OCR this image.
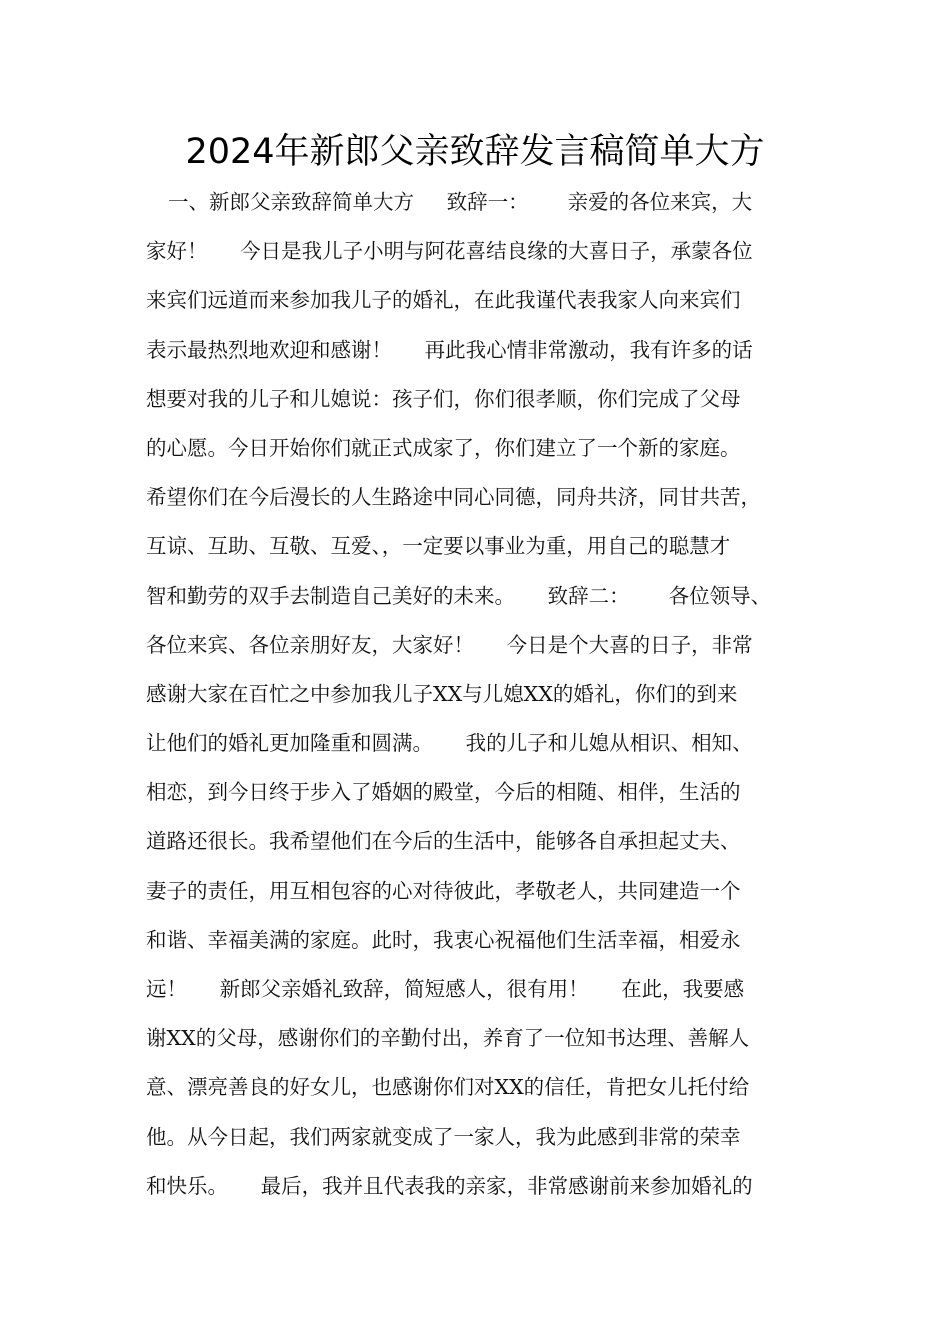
2024年新郎父亲致辞发言稿简单大方
一、新郎父亲致辞简单大方     致辞一：      亲爱的各位来宾，大
家好！     今日是我儿子小明与阿花喜结良缘的大喜日子，承蒙各位
来宾们远道而来参加我儿子的婚礼，在此我谨代表我家人向来宾们
表示最热烈地欢迎和感谢！     再此我心情非常激动，我有许多的话
想要对我的儿子和儿媳说：孩子们，你们很孝顺，你们完成了父母
的心愿。今日开始你们就正式成家了，你们建立了一个新的家庭。
希望你们在今后漫长的人生路途中同心同德，同舟共济，同甘共苦，
互谅、互助、互敬、互爱、，一定要以事业为重，用自己的聪慧才
智和勤劳的双手去制造自己美好的未来。     致辞二：      各位领导、
各位来宾、各位亲朋好友，大家好！     今日是个大喜的日子，非常
感谢大家在百忙之中参加我儿子XX与儿媳XX的婚礼，你们的到来
让他们的婚礼更加隆重和圆满。     我的儿子和儿媳从相识、相知、
相恋，到今日终于步入了婚姻的殿堂，今后的相随、相伴，生活的
道路还很长。我希望他们在今后的生活中，能够各自承担起丈夫、
妻子的责任，用互相包容的心对待彼此，孝敬老人，共同建造一个
和谐、幸福美满的家庭。此时，我衷心祝福他们生活幸福，相爱永
远！     新郎父亲婚礼致辞，简短感人，很有用！     在此，我要感
谢XX的父母，感谢你们的辛勤付出，养育了一位知书达理、善解人
意、漂亮善良的好女儿，也感谢你们对XX的信任，肯把女儿托付给
他。从今日起，我们两家就变成了一家人，我为此感到非常的荣幸
和快乐。     最后，我并且代表我的亲家，非常感谢前来参加婚礼的
